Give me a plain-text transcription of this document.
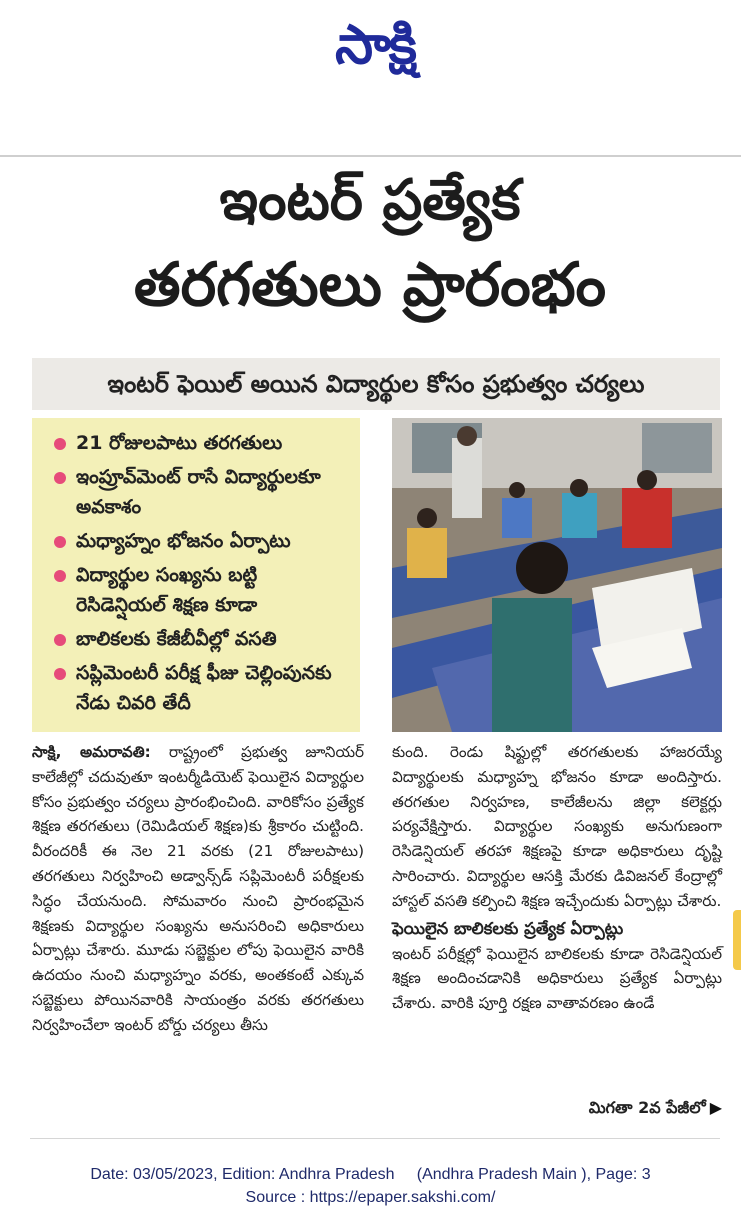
సాక్షి
ఇంటర్ ప్రత్యేక
తరగతులు ప్రారంభం
ఇంటర్ ఫెయిల్ అయిన విద్యార్థుల కోసం ప్రభుత్వం చర్యలు
21 రోజులపాటు తరగతులు
ఇంప్రూవ్‌మెంట్ రాసే విద్యార్థులకూ అవకాశం
మధ్యాహ్నం భోజనం ఏర్పాటు
విద్యార్థుల సంఖ్యను బట్టి రెసిడెన్షియల్ శిక్షణ కూడా
బాలికలకు కేజీబీవీల్లో వసతి
సప్లిమెంటరీ పరీక్ష ఫీజు చెల్లింపునకు నేడు చివరి తేదీ

సాక్షి, అమరావతి: రాష్ట్రంలో ప్రభుత్వ జూనియర్ కాలేజీల్లో చదువుతూ ఇంటర్మీడియెట్ ఫెయిలైన విద్యార్థుల కోసం ప్రభుత్వం చర్యలు ప్రారంభించింది. వారికోసం ప్రత్యేక శిక్షణ తరగతులు (రెమిడియల్ శిక్షణ)కు శ్రీకారం చుట్టింది. వీరందరికీ ఈ నెల 21 వరకు (21 రోజులపాటు) తరగతులు నిర్వహించి అడ్వాన్స్‌డ్ సప్లిమెంటరీ పరీక్షలకు సిద్ధం చేయనుంది. సోమవారం నుంచి ప్రారంభమైన శిక్షణకు విద్యార్థుల సంఖ్యను అనుసరించి అధికారులు ఏర్పాట్లు చేశారు. మూడు సబ్జెక్టుల లోపు ఫెయిలైన వారికి ఉదయం నుంచి మధ్యాహ్నం వరకు, అంతకంటే ఎక్కువ సబ్జెక్టులు పోయినవారికి సాయంత్రం వరకు తరగతులు నిర్వహించేలా ఇంటర్ బోర్డు చర్యలు తీసు

కుంది. రెండు షిఫ్టుల్లో తరగతులకు హాజరయ్యే విద్యార్థులకు మధ్యాహ్న భోజనం కూడా అందిస్తారు. తరగతుల నిర్వహణ, కాలేజీలను జిల్లా కలెక్టర్లు పర్యవేక్షిస్తారు. విద్యార్థుల సంఖ్యకు అనుగుణంగా రెసిడెన్షియల్ తరహా శిక్షణపై కూడా అధికారులు దృష్టి సారించారు. విద్యార్థుల ఆసక్తి మేరకు డివిజనల్ కేంద్రాల్లో హాస్టల్ వసతి కల్పించి శిక్షణ ఇచ్చేందుకు ఏర్పాట్లు చేశారు.

ఫెయిలైన బాలికలకు ప్రత్యేక ఏర్పాట్లు

ఇంటర్ పరీక్షల్లో ఫెయిలైన బాలికలకు కూడా రెసిడెన్షియల్ శిక్షణ అందించడానికి అధికారులు ప్రత్యేక ఏర్పాట్లు చేశారు. వారికి పూర్తి రక్షణ వాతావరణం ఉండే

మిగతా 2వ పేజీలో ▶
Date: 03/05/2023, Edition: Andhra Pradesh     (Andhra Pradesh Main ), Page: 3
Source : https://epaper.sakshi.com/
